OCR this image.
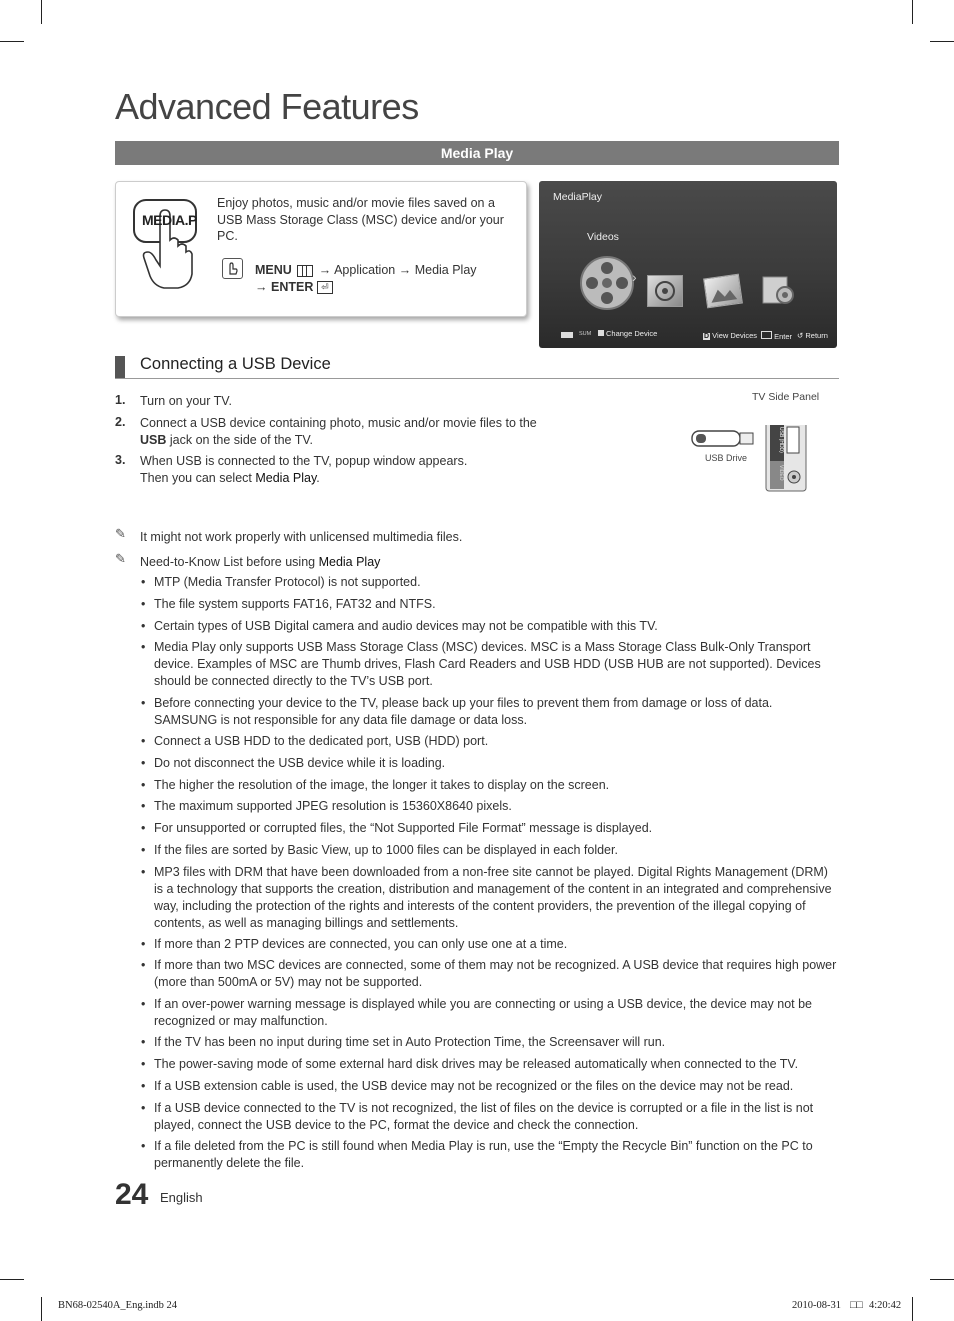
Advanced Features
Media Play
MEDIA.P
Enjoy photos, music and/or movie files saved on a USB Mass Storage Class (MSC) device and/or your PC.
MENU → Application → Media Play
→ ENTER ⏎
MediaPlay
Videos
›
SUM	Change Device	D View Devices	Enter ↺ Return
Connecting a USB Device
1. Turn on your TV.
2. Connect a USB device containing photo, music and/or movie files to the
USB jack on the side of the TV.
3. When USB is connected to the TV, popup window appears.
Then you can select Media Play.
TV Side Panel
USB (HDD)
VIDEO
USB Drive
✎ It might not work properly with unlicensed multimedia files.
✎ Need-to-Know List before using Media Play
• MTP (Media Transfer Protocol) is not supported.
• The file system supports FAT16, FAT32 and NTFS.
• Certain types of USB Digital camera and audio devices may not be compatible with this TV.
• Media Play only supports USB Mass Storage Class (MSC) devices. MSC is a Mass Storage Class Bulk-Only Transport device. Examples of MSC are Thumb drives, Flash Card Readers and USB HDD (USB HUB are not supported). Devices should be connected directly to the TV’s USB port.
• Before connecting your device to the TV, please back up your files to prevent them from damage or loss of data. SAMSUNG is not responsible for any data file damage or data loss.
• Connect a USB HDD to the dedicated port, USB (HDD) port.
• Do not disconnect the USB device while it is loading.
• The higher the resolution of the image, the longer it takes to display on the screen.
• The maximum supported JPEG resolution is 15360X8640 pixels.
• For unsupported or corrupted files, the “Not Supported File Format” message is displayed.
• If the files are sorted by Basic View, up to 1000 files can be displayed in each folder.
• MP3 files with DRM that have been downloaded from a non-free site cannot be played. Digital Rights Management (DRM) is a technology that supports the creation, distribution and management of the content in an integrated and comprehensive way, including the protection of the rights and interests of the content providers, the prevention of the illegal copying of contents, as well as managing billings and settlements.
• If more than 2 PTP devices are connected, you can only use one at a time.
• If more than two MSC devices are connected, some of them may not be recognized. A USB device that requires high power (more than 500mA or 5V) may not be supported.
• If an over-power warning message is displayed while you are connecting or using a USB device, the device may not be recognized or may malfunction.
• If the TV has been no input during time set in Auto Protection Time, the Screensaver will run.
• The power-saving mode of some external hard disk drives may be released automatically when connected to the TV.
• If a USB extension cable is used, the USB device may not be recognized or the files on the device may not be read.
• If a USB device connected to the TV is not recognized, the list of files on the device is corrupted or a file in the list is not played, connect the USB device to the PC, format the device and check the connection.
• If a file deleted from the PC is still found when Media Play is run, use the “Empty the Recycle Bin” function on the PC to permanently delete the file.
24 English
BN68-02540A_Eng.indb 24	2010-08-31 □□ 4:20:42
